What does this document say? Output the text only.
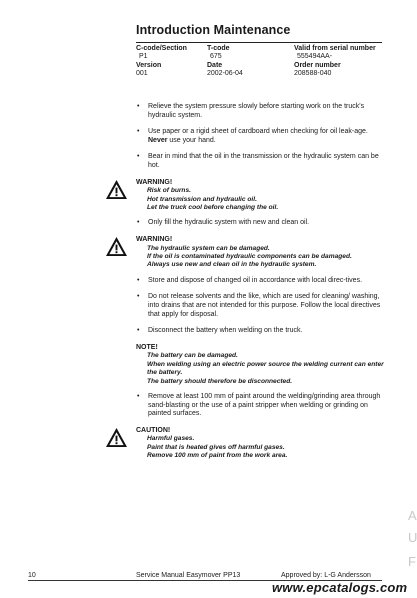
Introduction Maintenance
C-code/Section	T-code	Valid from serial number
P1	675	555494AA-
Version	Date	Order number
001	2002-06-04	208588-040
• Relieve the system pressure slowly before starting work on the truck's hydraulic system.
• Use paper or a rigid sheet of cardboard when checking for oil leak-age. Never use your hand.
• Bear in mind that the oil in the transmission or the hydraulic system can be hot.
WARNING!
Risk of burns.
Hot transmission and hydraulic oil.
Let the truck cool before changing the oil.
• Only fill the hydraulic system with new and clean oil.
WARNING!
The hydraulic system can be damaged.
If the oil is contaminated hydraulic components can be damaged.
Always use new and clean oil in the hydraulic system.
• Store and dispose of changed oil in accordance with local direc-tives.
• Do not release solvents and the like, which are used for cleaning/ washing, into drains that are not intended for this purpose. Follow the local directives that apply for disposal.
• Disconnect the battery when welding on the truck.
NOTE!
The battery can be damaged.
When welding using an electric power source the welding current can enter the battery.
The battery should therefore be disconnected.
• Remove at least 100 mm of paint around the welding/grinding area through sand-blasting or the use of a paint stripper when welding or grinding on painted surfaces.
CAUTION!
Harmful gases.
Paint that is heated gives off harmful gases.
Remove 100 mm of paint from the work area.
A
U
F
10	Service Manual Easymover PP13	Approved by: L-G Andersson
www.epcatalogs.com
